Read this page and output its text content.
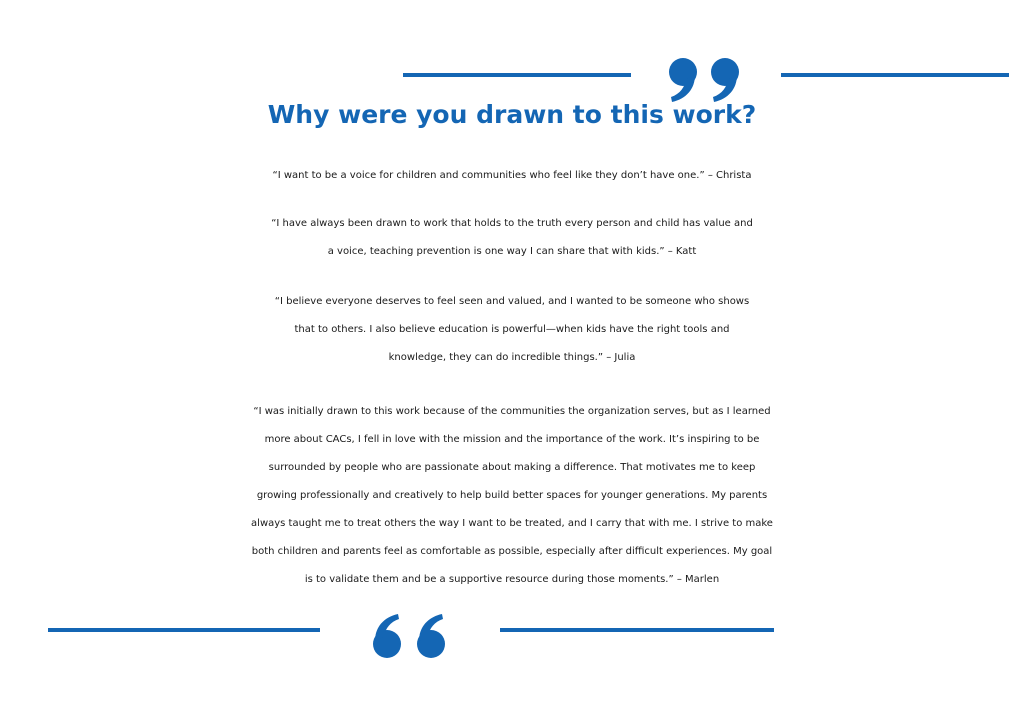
Why were you drawn to this work?
“I want to be a voice for children and communities who feel like they don’t have one.” – Christa
“I have always been drawn to work that holds to the truth every person and child has value and
a voice, teaching prevention is one way I can share that with kids.” – Katt
“I believe everyone deserves to feel seen and valued, and I wanted to be someone who shows
that to others. I also believe education is powerful—when kids have the right tools and
knowledge, they can do incredible things.” – Julia
“I was initially drawn to this work because of the communities the organization serves, but as I learned
more about CACs, I fell in love with the mission and the importance of the work. It’s inspiring to be
surrounded by people who are passionate about making a difference. That motivates me to keep
growing professionally and creatively to help build better spaces for younger generations. My parents
always taught me to treat others the way I want to be treated, and I carry that with me. I strive to make
both children and parents feel as comfortable as possible, especially after difficult experiences. My goal
is to validate them and be a supportive resource during those moments.” – Marlen
